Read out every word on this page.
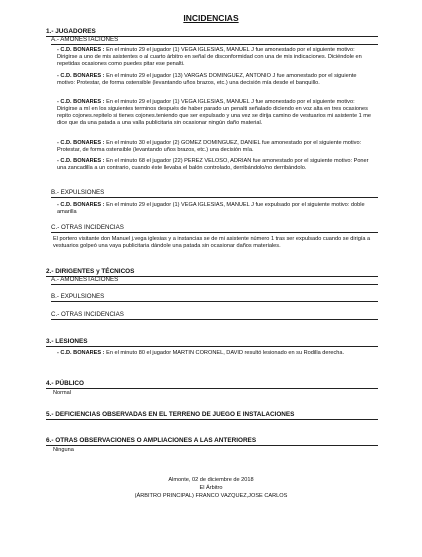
INCIDENCIAS
1.- JUGADORES
A.- AMONESTACIONES
- C.D. BONARES : En el minuto 29 el jugador (1) VEGA IGLESIAS, MANUEL J fue amonestado por el siguiente motivo: Dirigirse a uno de mis asistentes o al cuarto árbitro en señal de disconformidad con una de mis indicaciones. Diciéndole en repetidas ocasiones como puedes pitar ese penalti.
- C.D. BONARES : En el minuto 29 el jugador (13) VARGAS DOMINGUEZ, ANTONIO J fue amonestado por el siguiente motivo: Protestar, de forma ostensible (levantando uños brazos, etc.) una decisión mía desde el banquillo.
- C.D. BONARES : En el minuto 29 el jugador (1) VEGA IGLESIAS, MANUEL J fue amonestado por el siguiente motivo: Dirigirse a mí en los siguientes terminos después de haber parado un penalti señalado diciendo en voz alta en tres ocasiones repito cojones.repitelo si tienes cojones.teniendo que ser expulsado y una vez se dirija camino de vestuarios mi asistente 1 me dice que da una patada a una valla publicitaria sin ocasionar ningún daño material.
- C.D. BONARES : En el minuto 30 el jugador (2) GOMEZ DOMINGUEZ, DANIEL fue amonestado por el siguiente motivo: Protestar, de forma ostensible (levantando uños brazos, etc.) una decisión mía.
- C.D. BONARES : En el minuto 68 el jugador (22) PEREZ VELOSO, ADRIAN fue amonestado por el siguiente motivo: Poner una zancadilla a un contrario, cuando éste llevaba el balón controlado, derribándolo/no derribándolo.
B.- EXPULSIONES
- C.D. BONARES : En el minuto 29 el jugador (1) VEGA IGLESIAS, MANUEL J fue expulsado por el siguiente motivo: doble amarilla
C.- OTRAS INCIDENCIAS
El portero visitante don Manuel j.vega iglesias y a instancias se de mi asistente número 1 tras ser expulsado cuando se dirigía a vestuarios golpeó una vaya publicitaria dándole una patada sin ocasionar daños materiales.
2.- DIRIGENTES y TÉCNICOS
A.- AMONESTACIONES
B.- EXPULSIONES
C.- OTRAS INCIDENCIAS
3.- LESIONES
- C.D. BONARES : En el minuto 80 el jugador MARTIN CORONEL, DAVID resultó lesionado en su Rodilla derecha.
4.- PÚBLICO
Normal
5.- DEFICIENCIAS OBSERVADAS EN EL TERRENO DE JUEGO E INSTALACIONES
6.- OTRAS OBSERVACIONES O AMPLIACIONES A LAS ANTERIORES
Ninguna
Almonte, 02 de diciembre de 2018
El Árbitro
(ÁRBITRO PRINCIPAL) FRANCO VAZQUEZ,JOSE CARLOS
